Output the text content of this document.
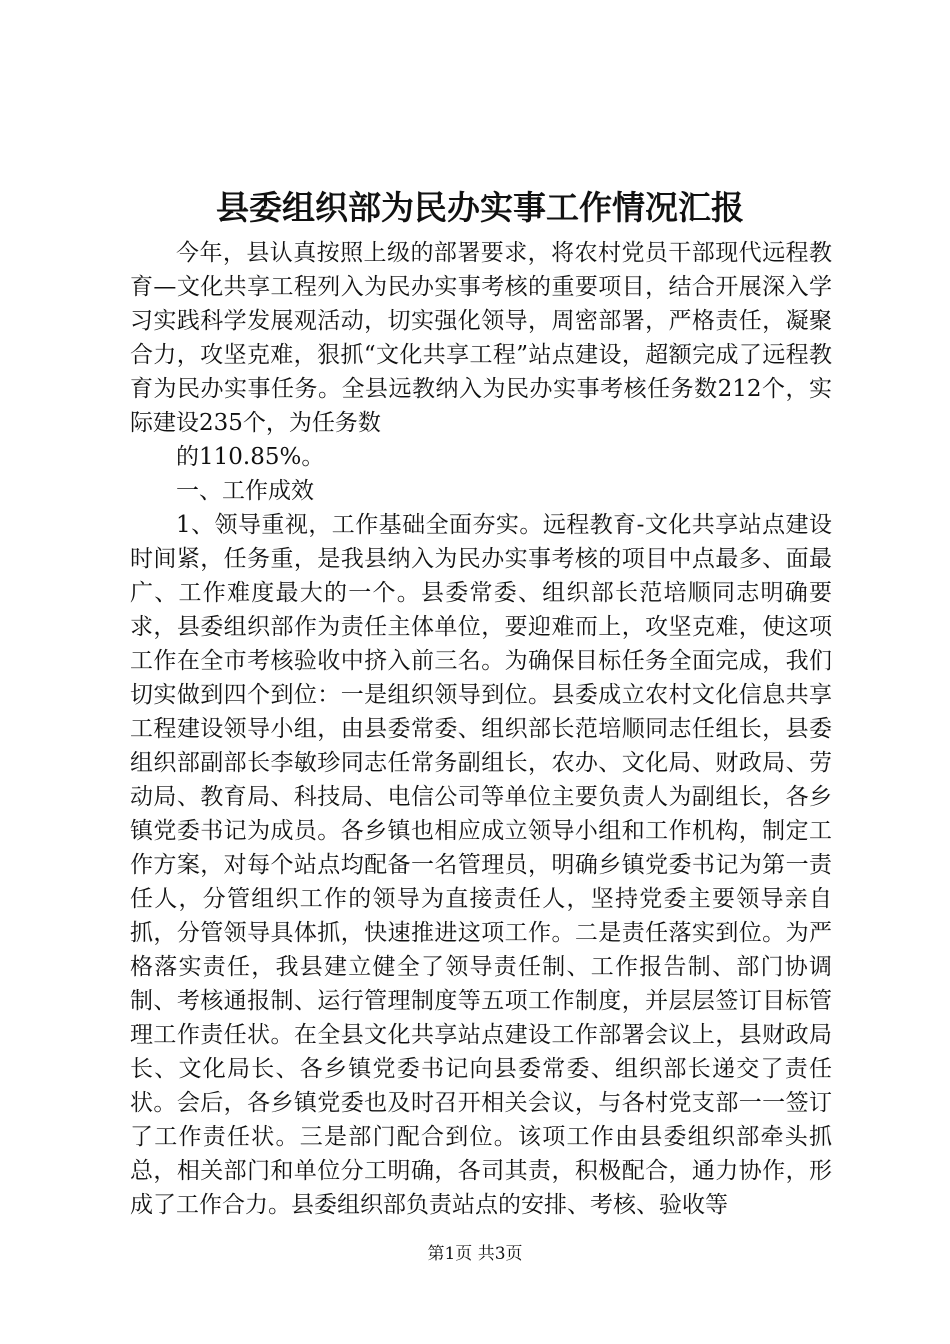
县委组织部为民办实事工作情况汇报

今年，县认真按照上级的部署要求，将农村党员干部现代远程教育—文化共享工程列入为民办实事考核的重要项目，结合开展深入学习实践科学发展观活动，切实强化领导，周密部署，严格责任，凝聚合力，攻坚克难，狠抓“文化共享工程”站点建设，超额完成了远程教育为民办实事任务。全县远教纳入为民办实事考核任务数212个，实际建设235个，为任务数

的110.85%。

一、工作成效

1、领导重视，工作基础全面夯实。远程教育-文化共享站点建设时间紧，任务重，是我县纳入为民办实事考核的项目中点最多、面最广、工作难度最大的一个。县委常委、组织部长范培顺同志明确要求，县委组织部作为责任主体单位，要迎难而上，攻坚克难，使这项工作在全市考核验收中挤入前三名。为确保目标任务全面完成，我们切实做到四个到位：一是组织领导到位。县委成立农村文化信息共享工程建设领导小组，由县委常委、组织部长范培顺同志任组长，县委组织部副部长李敏珍同志任常务副组长，农办、文化局、财政局、劳动局、教育局、科技局、电信公司等单位主要负责人为副组长，各乡镇党委书记为成员。各乡镇也相应成立领导小组和工作机构，制定工作方案，对每个站点均配备一名管理员，明确乡镇党委书记为第一责任人，分管组织工作的领导为直接责任人，坚持党委主要领导亲自抓，分管领导具体抓，快速推进这项工作。二是责任落实到位。为严格落实责任，我县建立健全了领导责任制、工作报告制、部门协调制、考核通报制、运行管理制度等五项工作制度，并层层签订目标管理工作责任状。在全县文化共享站点建设工作部署会议上，县财政局长、文化局长、各乡镇党委书记向县委常委、组织部长递交了责任状。会后，各乡镇党委也及时召开相关会议，与各村党支部一一签订了工作责任状。三是部门配合到位。该项工作由县委组织部牵头抓总，相关部门和单位分工明确，各司其责，积极配合，通力协作，形成了工作合力。县委组织部负责站点的安排、考核、验收等

第1页 共3页
